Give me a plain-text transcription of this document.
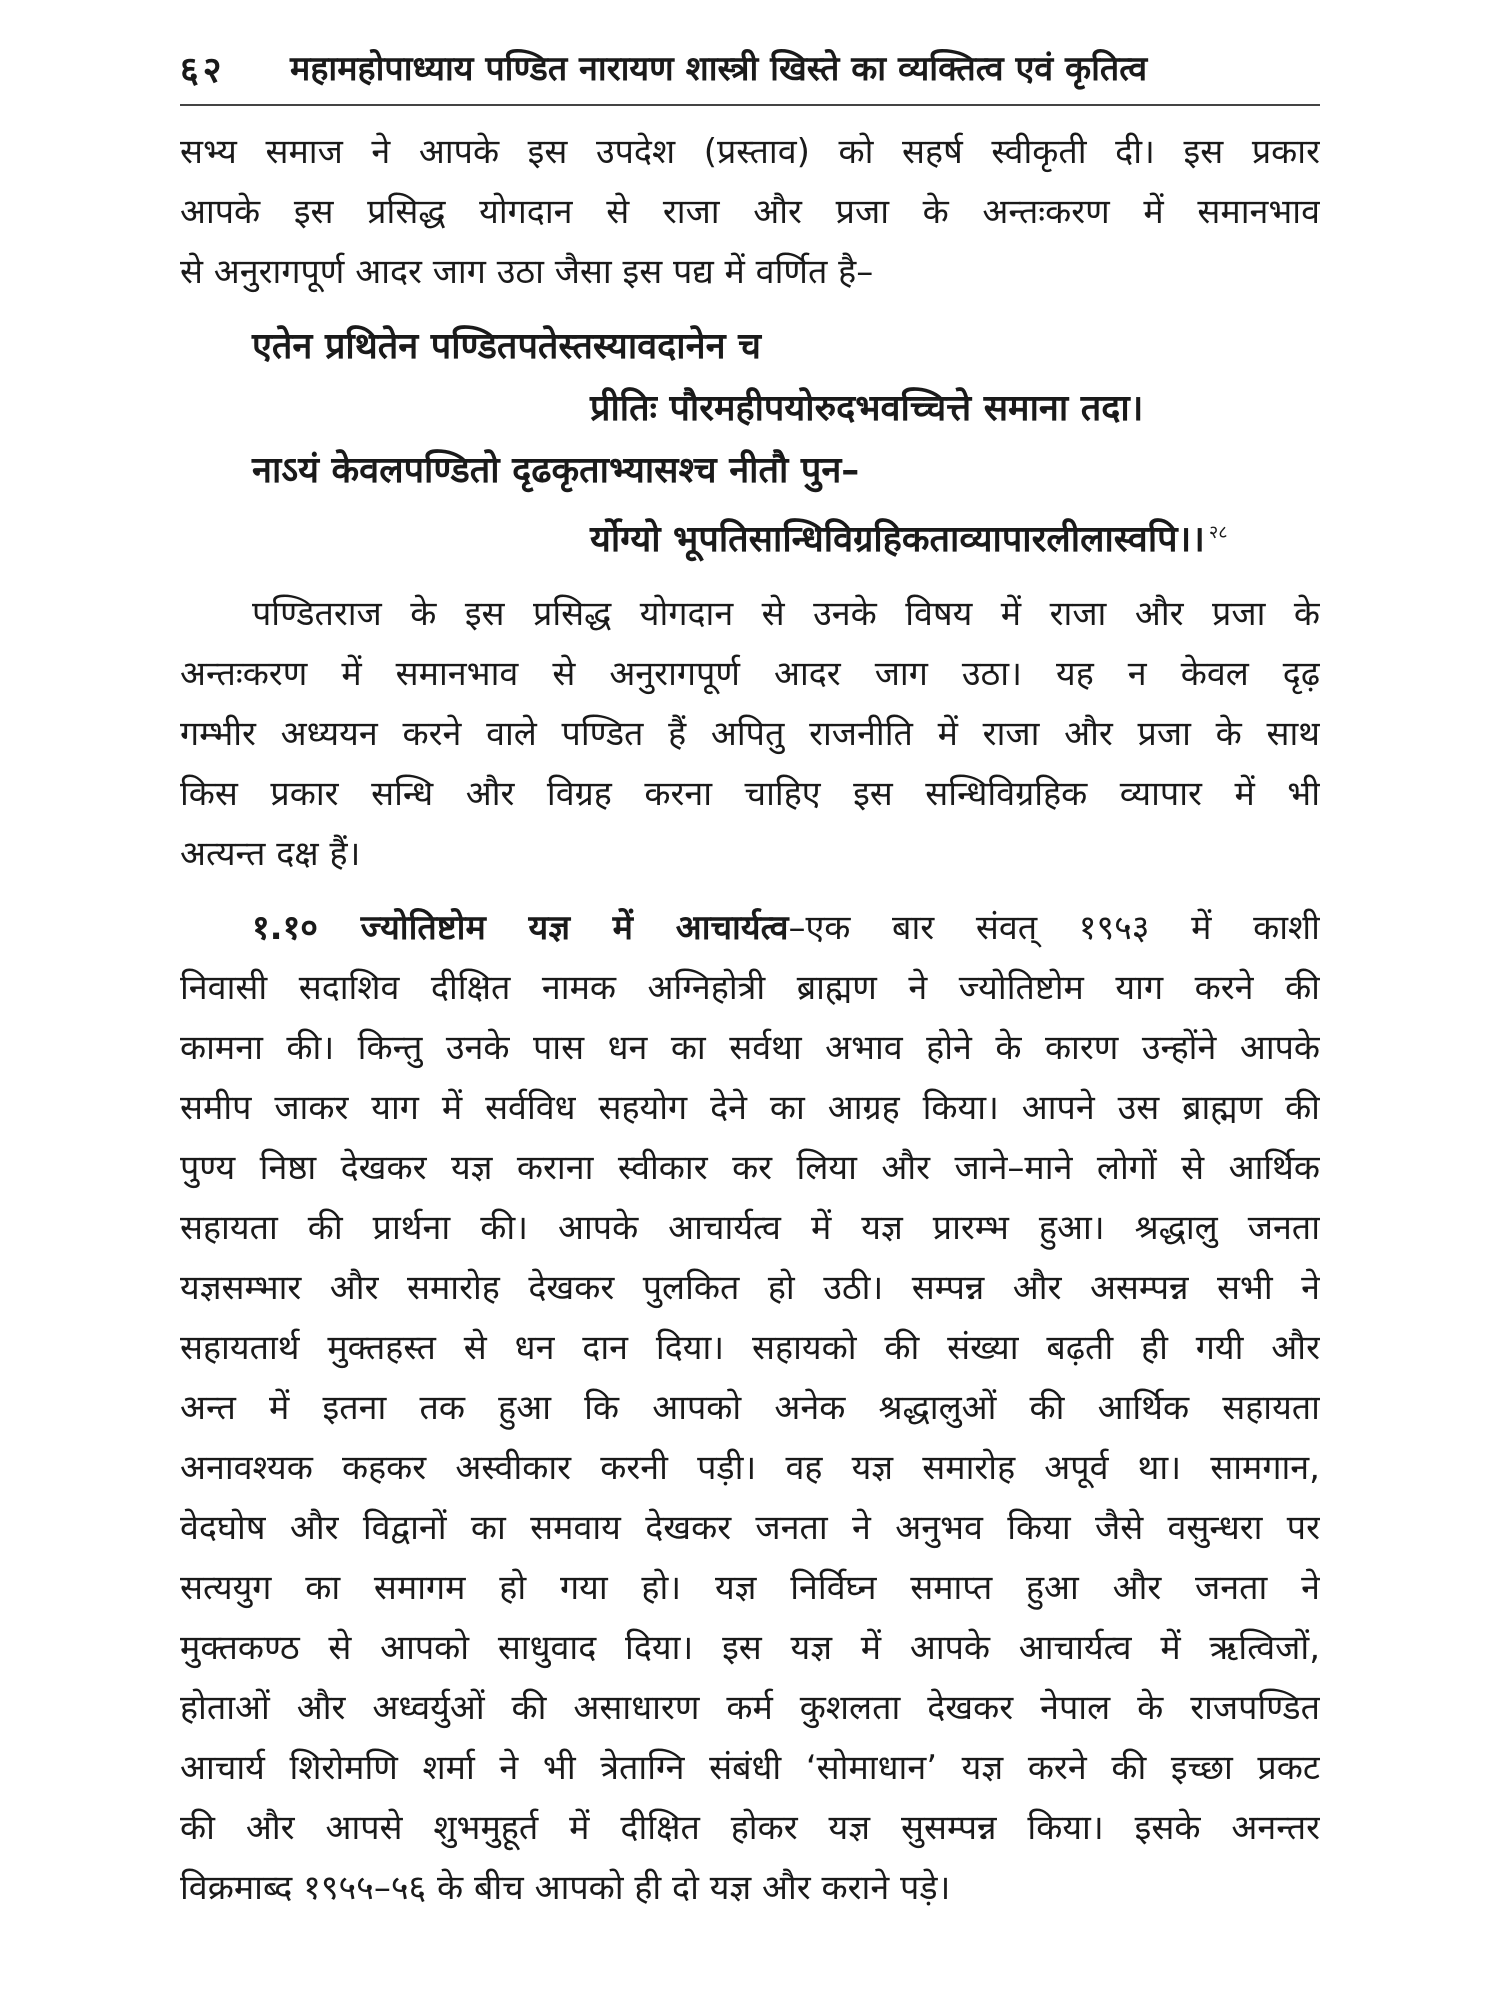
६२ महामहोपाध्याय पण्डित नारायण शास्त्री खिस्ते का व्यक्तित्व एवं कृतित्व
सभ्य समाज ने आपके इस उपदेश (प्रस्ताव) को सहर्ष स्वीकृती दी। इस प्रकार
आपके इस प्रसिद्ध योगदान से राजा और प्रजा के अन्तःकरण में समानभाव
से अनुरागपूर्ण आदर जाग उठा जैसा इस पद्य में वर्णित है–
एतेन प्रथितेन पण्डितपतेस्तस्यावदानेन च
प्रीतिः पौरमहीपयोरुदभवच्चित्ते समाना तदा।
नाऽयं केवलपण्डितो दृढकृताभ्यासश्च नीतौ पुन–
र्योग्यो भूपतिसान्धिविग्रहिकताव्यापारलीलास्वपि।। $^{२८}$
पण्डितराज के इस प्रसिद्ध योगदान से उनके विषय में राजा और प्रजा के
अन्तःकरण में समानभाव से अनुरागपूर्ण आदर जाग उठा। यह न केवल दृढ़
गम्भीर अध्ययन करने वाले पण्डित हैं अपितु राजनीति में राजा और प्रजा के साथ
किस प्रकार सन्धि और विग्रह करना चाहिए इस सन्धिविग्रहिक व्यापार में भी
अत्यन्त दक्ष हैं।
१.१० ज्योतिष्टोम यज्ञ में आचार्यत्व–एक बार संवत् १९५३ में काशी
निवासी सदाशिव दीक्षित नामक अग्निहोत्री ब्राह्मण ने ज्योतिष्टोम याग करने की
कामना की। किन्तु उनके पास धन का सर्वथा अभाव होने के कारण उन्होंने आपके
समीप जाकर याग में सर्वविध सहयोग देने का आग्रह किया। आपने उस ब्राह्मण की
पुण्य निष्ठा देखकर यज्ञ कराना स्वीकार कर लिया और जाने–माने लोगों से आर्थिक
सहायता की प्रार्थना की। आपके आचार्यत्व में यज्ञ प्रारम्भ हुआ। श्रद्धालु जनता
यज्ञसम्भार और समारोह देखकर पुलकित हो उठी। सम्पन्न और असम्पन्न सभी ने
सहायतार्थ मुक्तहस्त से धन दान दिया। सहायको की संख्या बढ़ती ही गयी और
अन्त में इतना तक हुआ कि आपको अनेक श्रद्धालुओं की आर्थिक सहायता
अनावश्यक कहकर अस्वीकार करनी पड़ी। वह यज्ञ समारोह अपूर्व था। सामगान,
वेदघोष और विद्वानों का समवाय देखकर जनता ने अनुभव किया जैसे वसुन्धरा पर
सत्ययुग का समागम हो गया हो। यज्ञ निर्विघ्न समाप्त हुआ और जनता ने
मुक्तकण्ठ से आपको साधुवाद दिया। इस यज्ञ में आपके आचार्यत्व में ऋत्विजों,
होताओं और अध्वर्युओं की असाधारण कर्म कुशलता देखकर नेपाल के राजपण्डित
आचार्य शिरोमणि शर्मा ने भी त्रेताग्नि संबंधी ‘सोमाधान’ यज्ञ करने की इच्छा प्रकट
की और आपसे शुभमुहूर्त में दीक्षित होकर यज्ञ सुसम्पन्न किया। इसके अनन्तर
विक्रमाब्द १९५५–५६ के बीच आपको ही दो यज्ञ और कराने पड़े।
